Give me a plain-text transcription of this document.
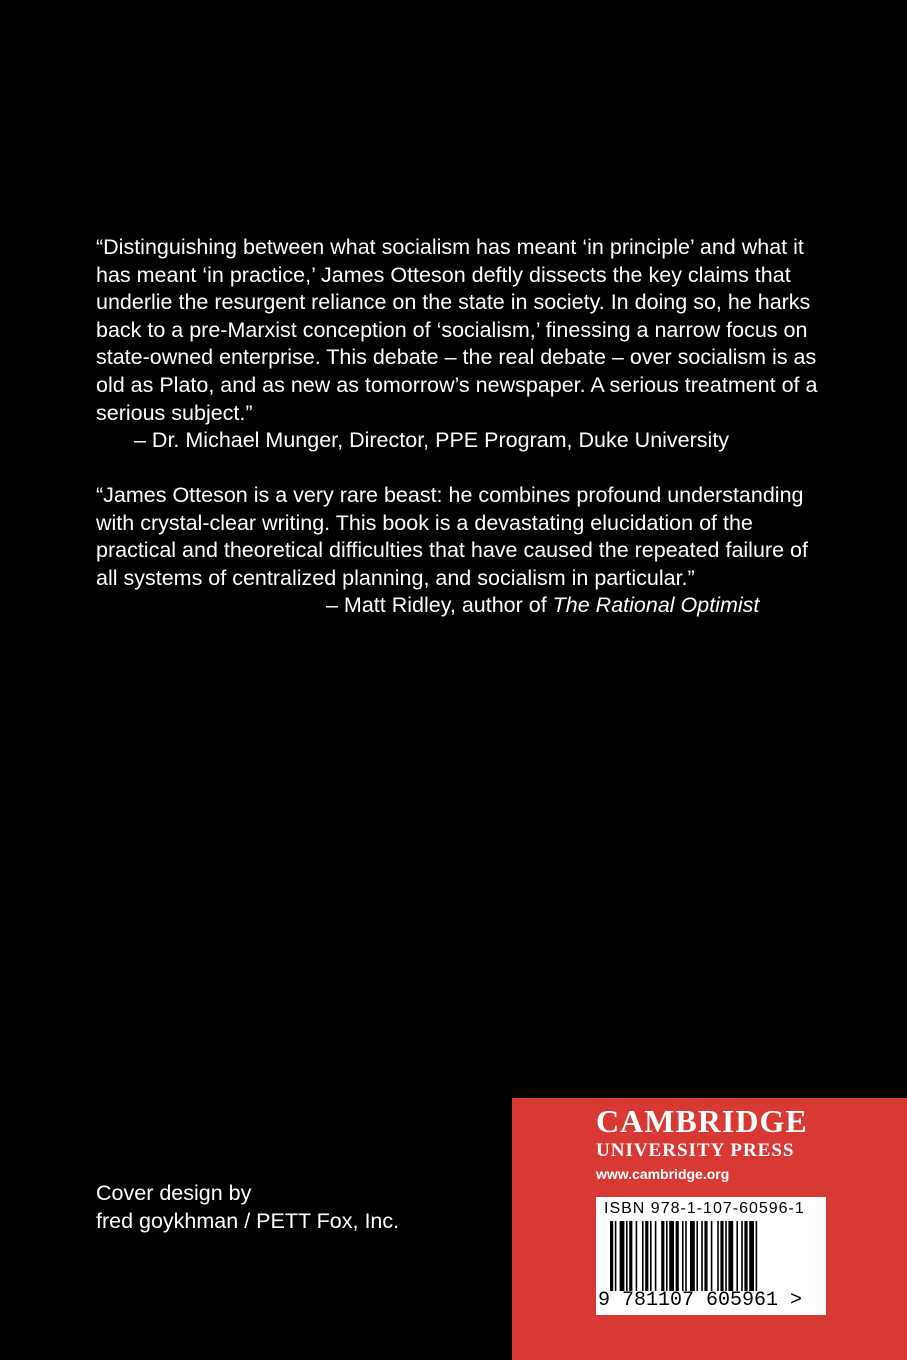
“Distinguishing between what socialism has meant ‘in principle’ and what it has meant ‘in practice,’ James Otteson deftly dissects the key claims that underlie the resurgent reliance on the state in society. In doing so, he harks back to a pre-Marxist conception of ‘socialism,’ finessing a narrow focus on state-owned enterprise. This debate – the real debate – over socialism is as old as Plato, and as new as tomorrow’s newspaper. A serious treatment of a serious subject.”

– Dr. Michael Munger, Director, PPE Program, Duke University

“James Otteson is a very rare beast: he combines profound understanding with crystal-clear writing. This book is a devastating elucidation of the practical and theoretical difficulties that have caused the repeated failure of all systems of centralized planning, and socialism in particular.”

– Matt Ridley, author of The Rational Optimist

Cover design by
fred goykhman / PETT Fox, Inc.
CAMBRIDGE
UNIVERSITY PRESS
www.cambridge.org
ISBN 978-1-107-60596-1
9 781107 605961 >
